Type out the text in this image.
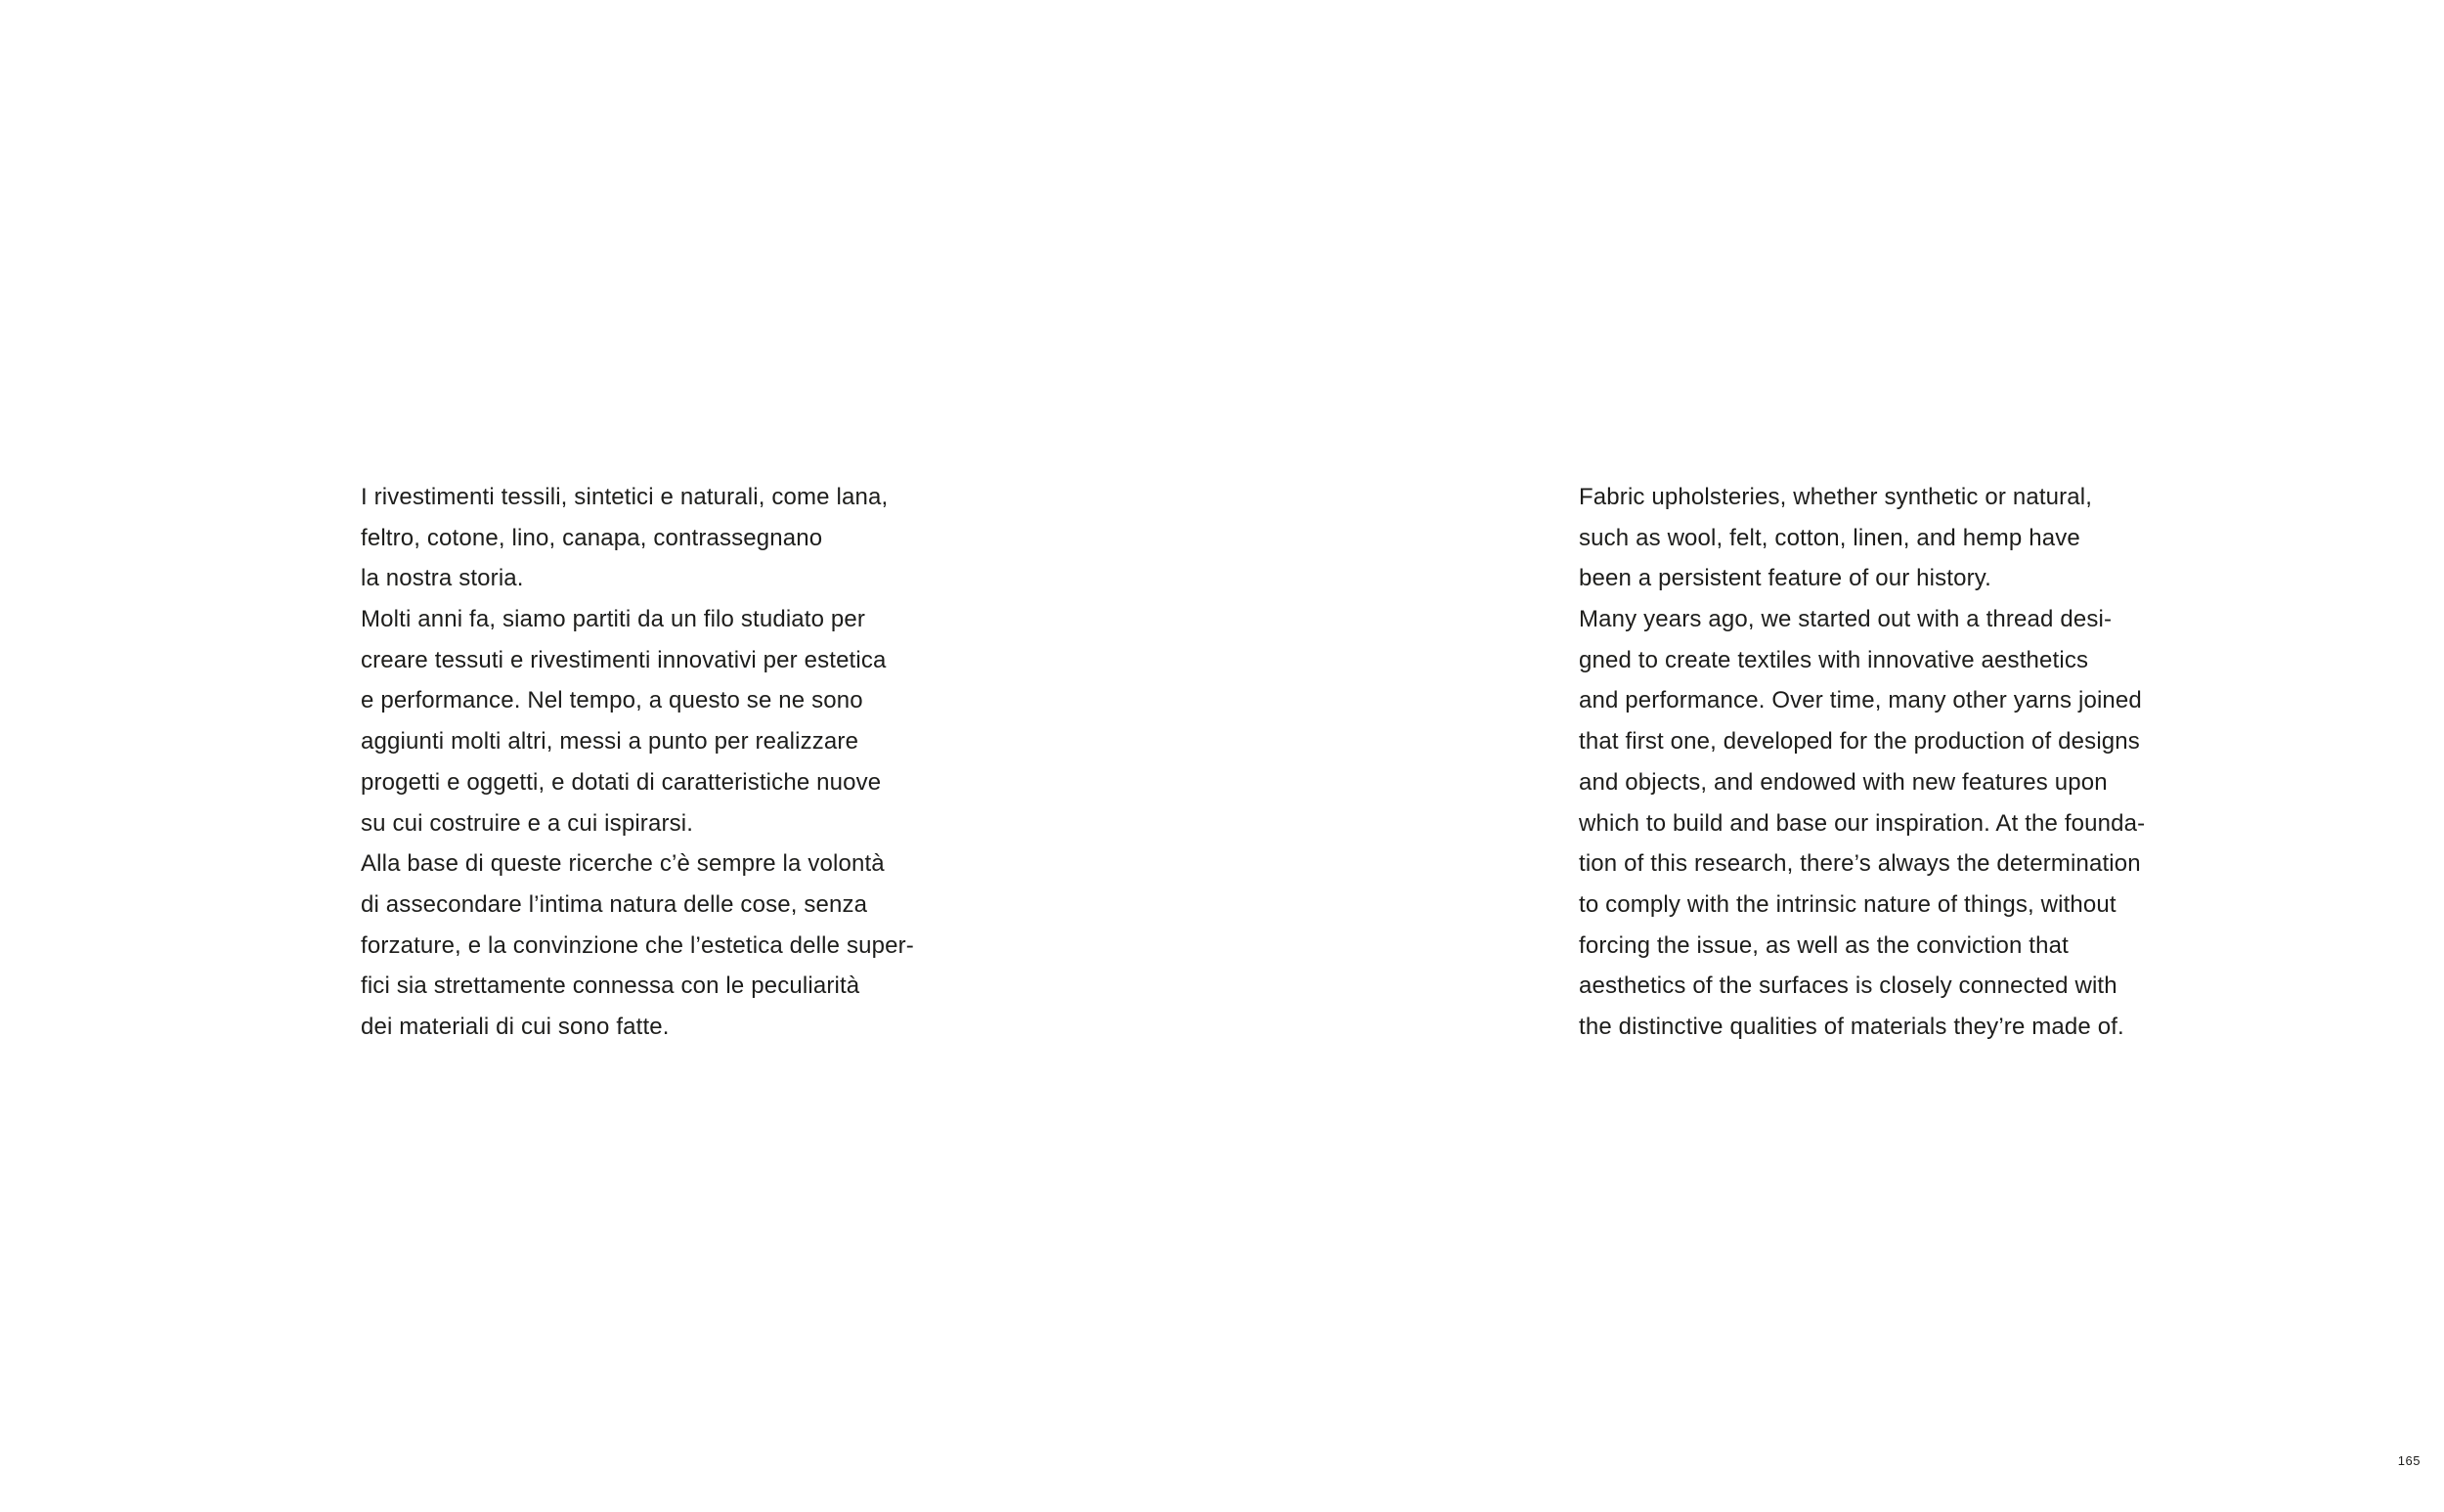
I rivestimenti tessili, sintetici e naturali, come lana,
feltro, cotone, lino, canapa, contrassegnano
la nostra storia.
Molti anni fa, siamo partiti da un filo studiato per
creare tessuti e rivestimenti innovativi per estetica
e performance. Nel tempo, a questo se ne sono
aggiunti molti altri, messi a punto per realizzare
progetti e oggetti, e dotati di caratteristiche nuove
su cui costruire e a cui ispirarsi.
Alla base di queste ricerche c’è sempre la volontà
di assecondare l’intima natura delle cose, senza
forzature, e la convinzione che l’estetica delle super-
fici sia strettamente connessa con le peculiarità
dei materiali di cui sono fatte.
Fabric upholsteries, whether synthetic or natural,
such as wool, felt, cotton, linen, and hemp have
been a persistent feature of our history.
Many years ago, we started out with a thread desi-
gned to create textiles with innovative aesthetics
and performance. Over time, many other yarns joined
that first one, developed for the production of designs
and objects, and endowed with new features upon
which to build and base our inspiration. At the founda-
tion of this research, there’s always the determination
to comply with the intrinsic nature of things, without
forcing the issue, as well as the conviction that
aesthetics of the surfaces is closely connected with
the distinctive qualities of materials they’re made of.
165
